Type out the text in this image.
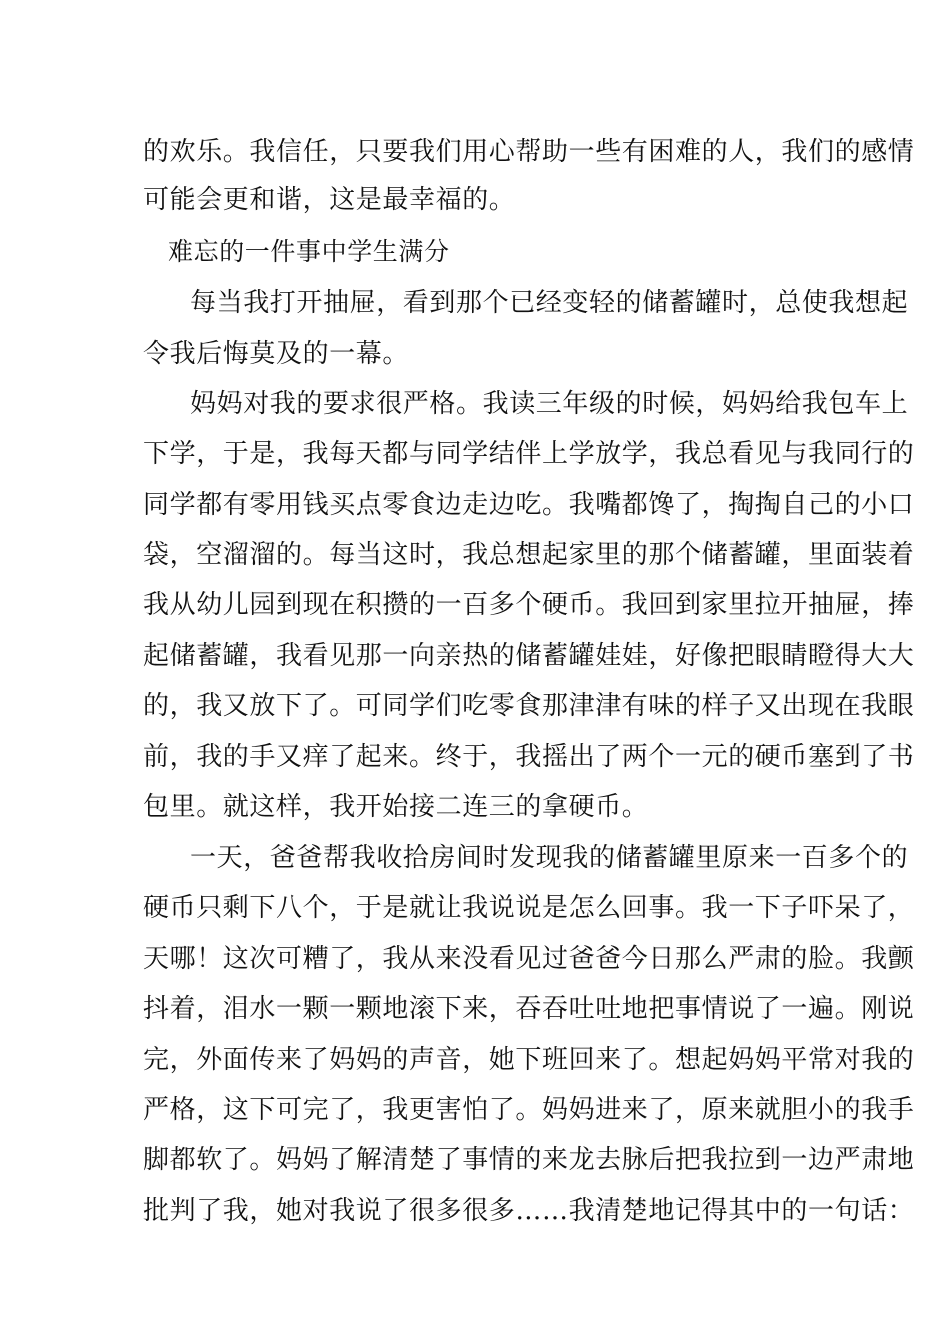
的欢乐。我信任，只要我们用心帮助一些有困难的人，我们的感情
可能会更和谐，这是最幸福的。
难忘的一件事中学生满分
每当我打开抽屉，看到那个已经变轻的储蓄罐时，总使我想起
令我后悔莫及的一幕。
妈妈对我的要求很严格。我读三年级的时候，妈妈给我包车上
下学，于是，我每天都与同学结伴上学放学，我总看见与我同行的
同学都有零用钱买点零食边走边吃。我嘴都馋了，掏掏自己的小口
袋，空溜溜的。每当这时，我总想起家里的那个储蓄罐，里面装着
我从幼儿园到现在积攒的一百多个硬币。我回到家里拉开抽屉，捧
起储蓄罐，我看见那一向亲热的储蓄罐娃娃，好像把眼睛瞪得大大
的，我又放下了。可同学们吃零食那津津有味的样子又出现在我眼
前，我的手又痒了起来。终于，我摇出了两个一元的硬币塞到了书
包里。就这样，我开始接二连三的拿硬币。
一天，爸爸帮我收拾房间时发现我的储蓄罐里原来一百多个的
硬币只剩下八个，于是就让我说说是怎么回事。我一下子吓呆了，
天哪！这次可糟了，我从来没看见过爸爸今日那么严肃的脸。我颤
抖着，泪水一颗一颗地滚下来，吞吞吐吐地把事情说了一遍。刚说
完，外面传来了妈妈的声音，她下班回来了。想起妈妈平常对我的
严格，这下可完了，我更害怕了。妈妈进来了，原来就胆小的我手
脚都软了。妈妈了解清楚了事情的来龙去脉后把我拉到一边严肃地
批判了我，她对我说了很多很多……我清楚地记得其中的一句话：
